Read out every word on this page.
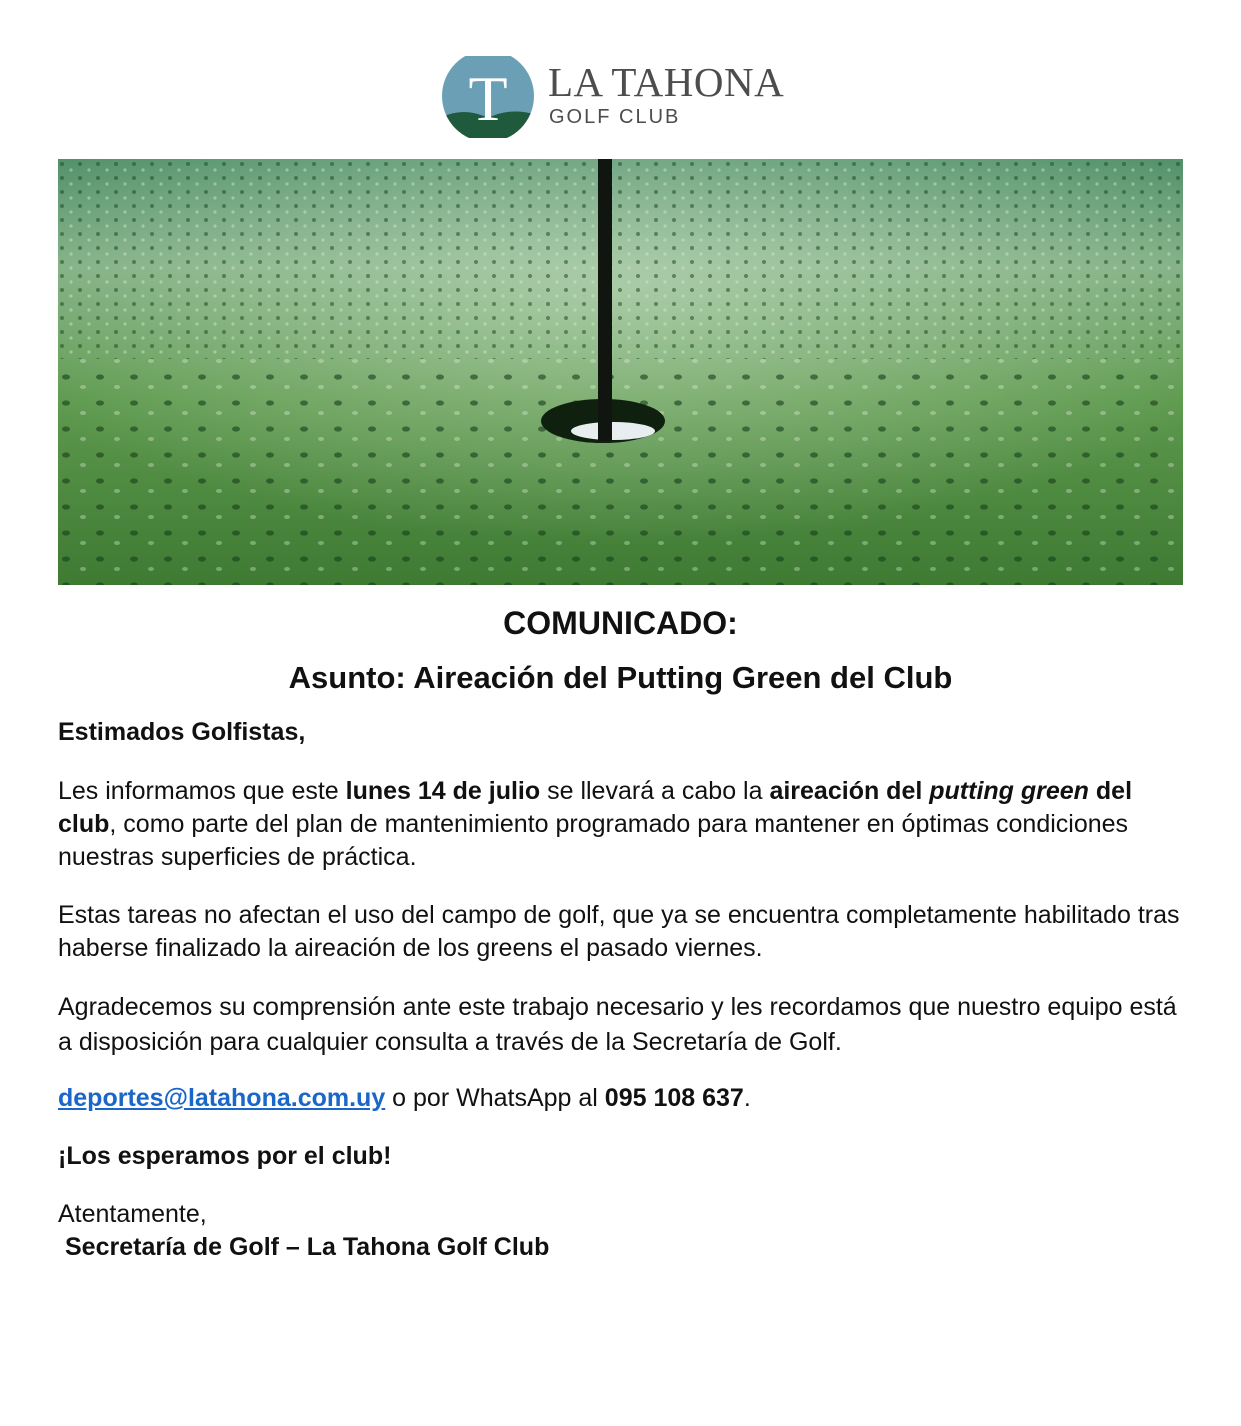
T LA TAHONA
GOLF CLUB
COMUNICADO:
Asunto: Aireación del Putting Green del Club
Estimados Golfistas,
Les informamos que este lunes 14 de julio se llevará a cabo la aireación del putting green del club, como parte del plan de mantenimiento programado para mantener en óptimas condiciones nuestras superficies de práctica.
Estas tareas no afectan el uso del campo de golf, que ya se encuentra completamente habilitado tras haberse finalizado la aireación de los greens el pasado viernes.
Agradecemos su comprensión ante este trabajo necesario y les recordamos que nuestro equipo está a disposición para cualquier consulta a través de la Secretaría de Golf.
deportes@latahona.com.uy o por WhatsApp al 095 108 637.
¡Los esperamos por el club!
Atentamente,
Secretaría de Golf – La Tahona Golf Club
